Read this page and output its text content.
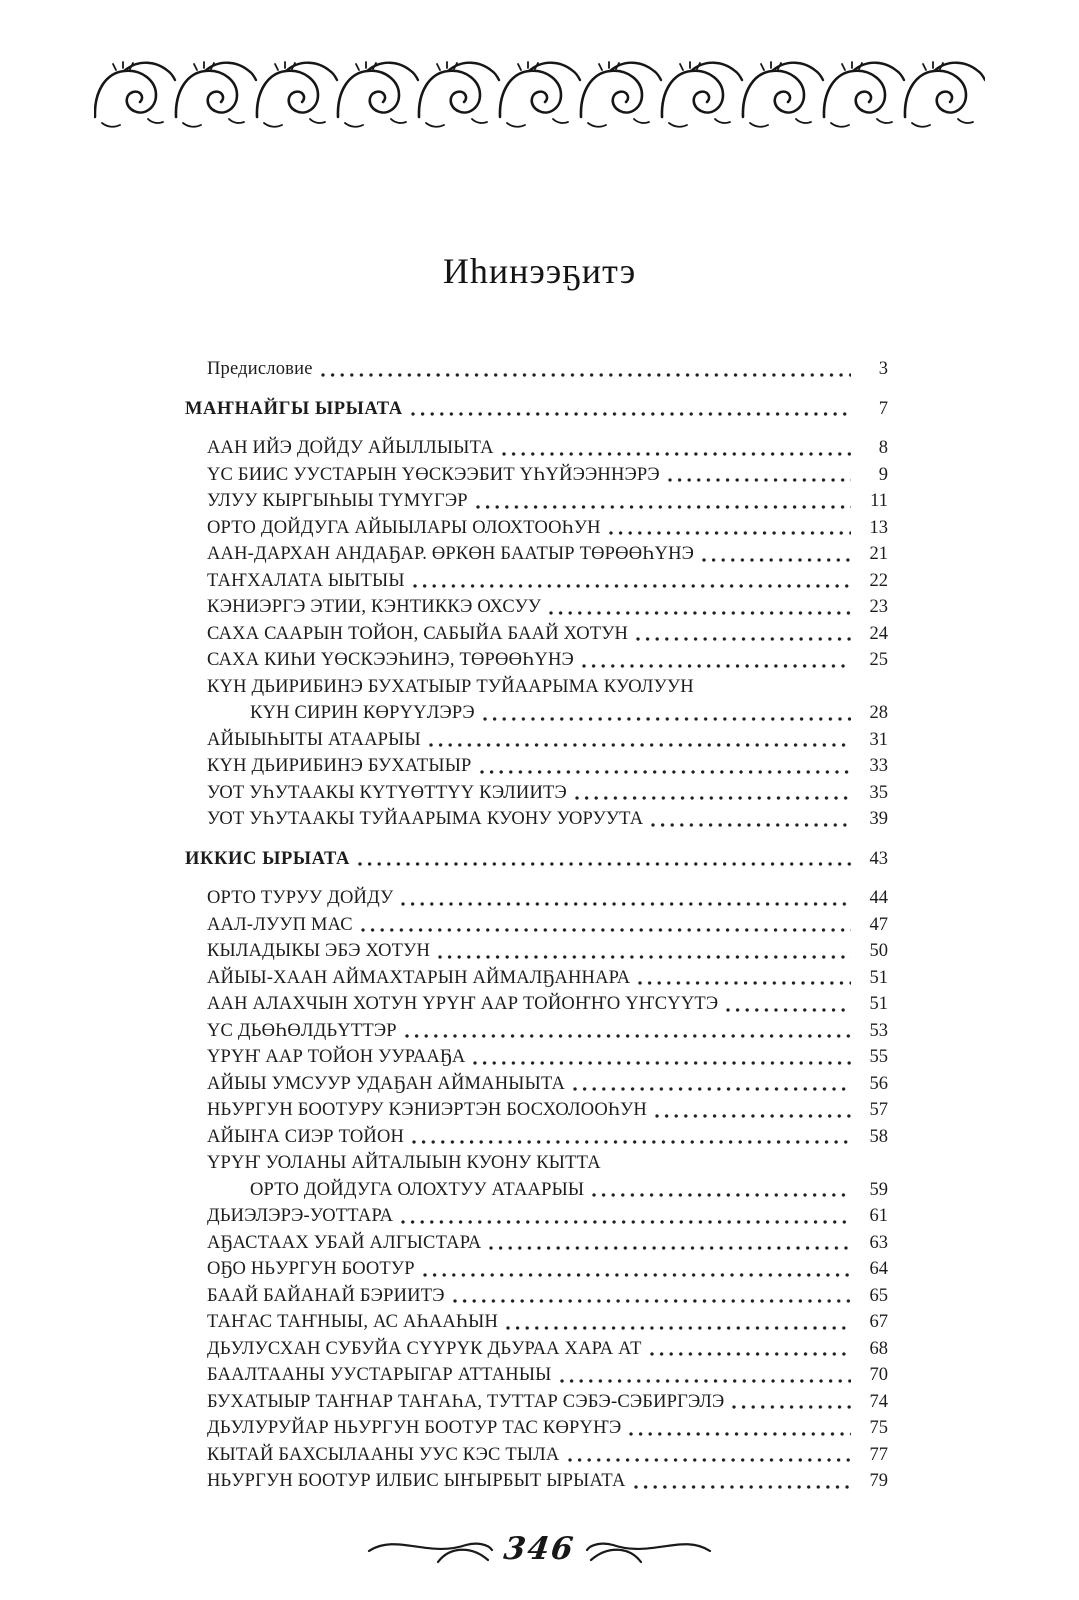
Иһинээҕитэ
Предисловие	3
МАҤНАЙГЫ ЫРЫАТА	7
ААН ИЙЭ ДОЙДУ АЙЫЛЛЫЫТА	8
ҮС БИИС УУСТАРЫН ҮӨСКЭЭБИТ ҮҺҮЙЭЭННЭРЭ	9
УЛУУ КЫРГЫҺЫЫ ТҮМҮГЭР	11
ОРТО ДОЙДУГА АЙЫЫЛАРЫ ОЛОХТООҺУН	13
ААН-ДАРХАН АНДАҔАР. ӨРКӨН БААТЫР ТӨРӨӨҺҮНЭ	21
ТАҤХАЛАТА ЫЫТЫЫ	22
КЭНИЭРГЭ ЭТИИ, КЭНТИККЭ ОХСУУ	23
САХА СААРЫН ТОЙОН, САБЫЙА БААЙ ХОТУН	24
САХА КИҺИ ҮӨСКЭЭҺИНЭ, ТӨРӨӨҺҮНЭ	25
КҮН ДЬИРИБИНЭ БУХАТЫЫР ТУЙААРЫМА КУОЛУУН
КҮН СИРИН КӨРҮҮЛЭРЭ	28
АЙЫЫҺЫТЫ АТААРЫЫ	31
КҮН ДЬИРИБИНЭ БУХАТЫЫР	33
УОТ УҺУТААКЫ КҮТҮӨТТҮҮ КЭЛИИТЭ	35
УОТ УҺУТААКЫ ТУЙААРЫМА КУОНУ УОРУУТА	39
ИККИС ЫРЫАТА	43
ОРТО ТУРУУ ДОЙДУ	44
ААЛ-ЛУУП МАС	47
КЫЛАДЫКЫ ЭБЭ ХОТУН	50
АЙЫЫ-ХААН АЙМАХТАРЫН АЙМАЛҔАННАРА	51
ААН АЛАХЧЫН ХОТУН ҮРҮҤ ААР ТОЙОҤҤО ҮҤСҮҮТЭ	51
ҮС ДЬӨҺӨЛДЬҮТТЭР	53
ҮРҮҤ ААР ТОЙОН УУРААҔА	55
АЙЫЫ УМСУУР УДАҔАН АЙМАНЫЫТА	56
НЬУРГУН БООТУРУ КЭНИЭРТЭН БОСХОЛООҺУН	57
АЙЫҤА СИЭР ТОЙОН	58
ҮРҮҤ УОЛАНЫ АЙТАЛЫЫН КУОНУ КЫТТА
ОРТО ДОЙДУГА ОЛОХТУУ АТААРЫЫ	59
ДЬИЭЛЭРЭ-УОТТАРА	61
АҔАСТААХ УБАЙ АЛГЫСТАРА	63
ОҔО НЬУРГУН БООТУР	64
БААЙ БАЙАНАЙ БЭРИИТЭ	65
ТАҤАС ТАҤНЫЫ, АС АҺААҺЫН	67
ДЬУЛУСХАН СУБУЙА СҮҮРҮК ДЬУРАА ХАРА АТ	68
БААЛТААНЫ УУСТАРЫГАР АТТАНЫЫ	70
БУХАТЫЫР ТАҤНАР ТАҤАҺА, ТУТТАР СЭБЭ-СЭБИРГЭЛЭ	74
ДЬУЛУРУЙАР НЬУРГУН БООТУР ТАС КӨРҮҤЭ	75
КЫТАЙ БАХСЫЛААНЫ УУС КЭС ТЫЛА	77
НЬУРГУН БООТУР ИЛБИС ЫҤЫРБЫТ ЫРЫАТА	79
346
